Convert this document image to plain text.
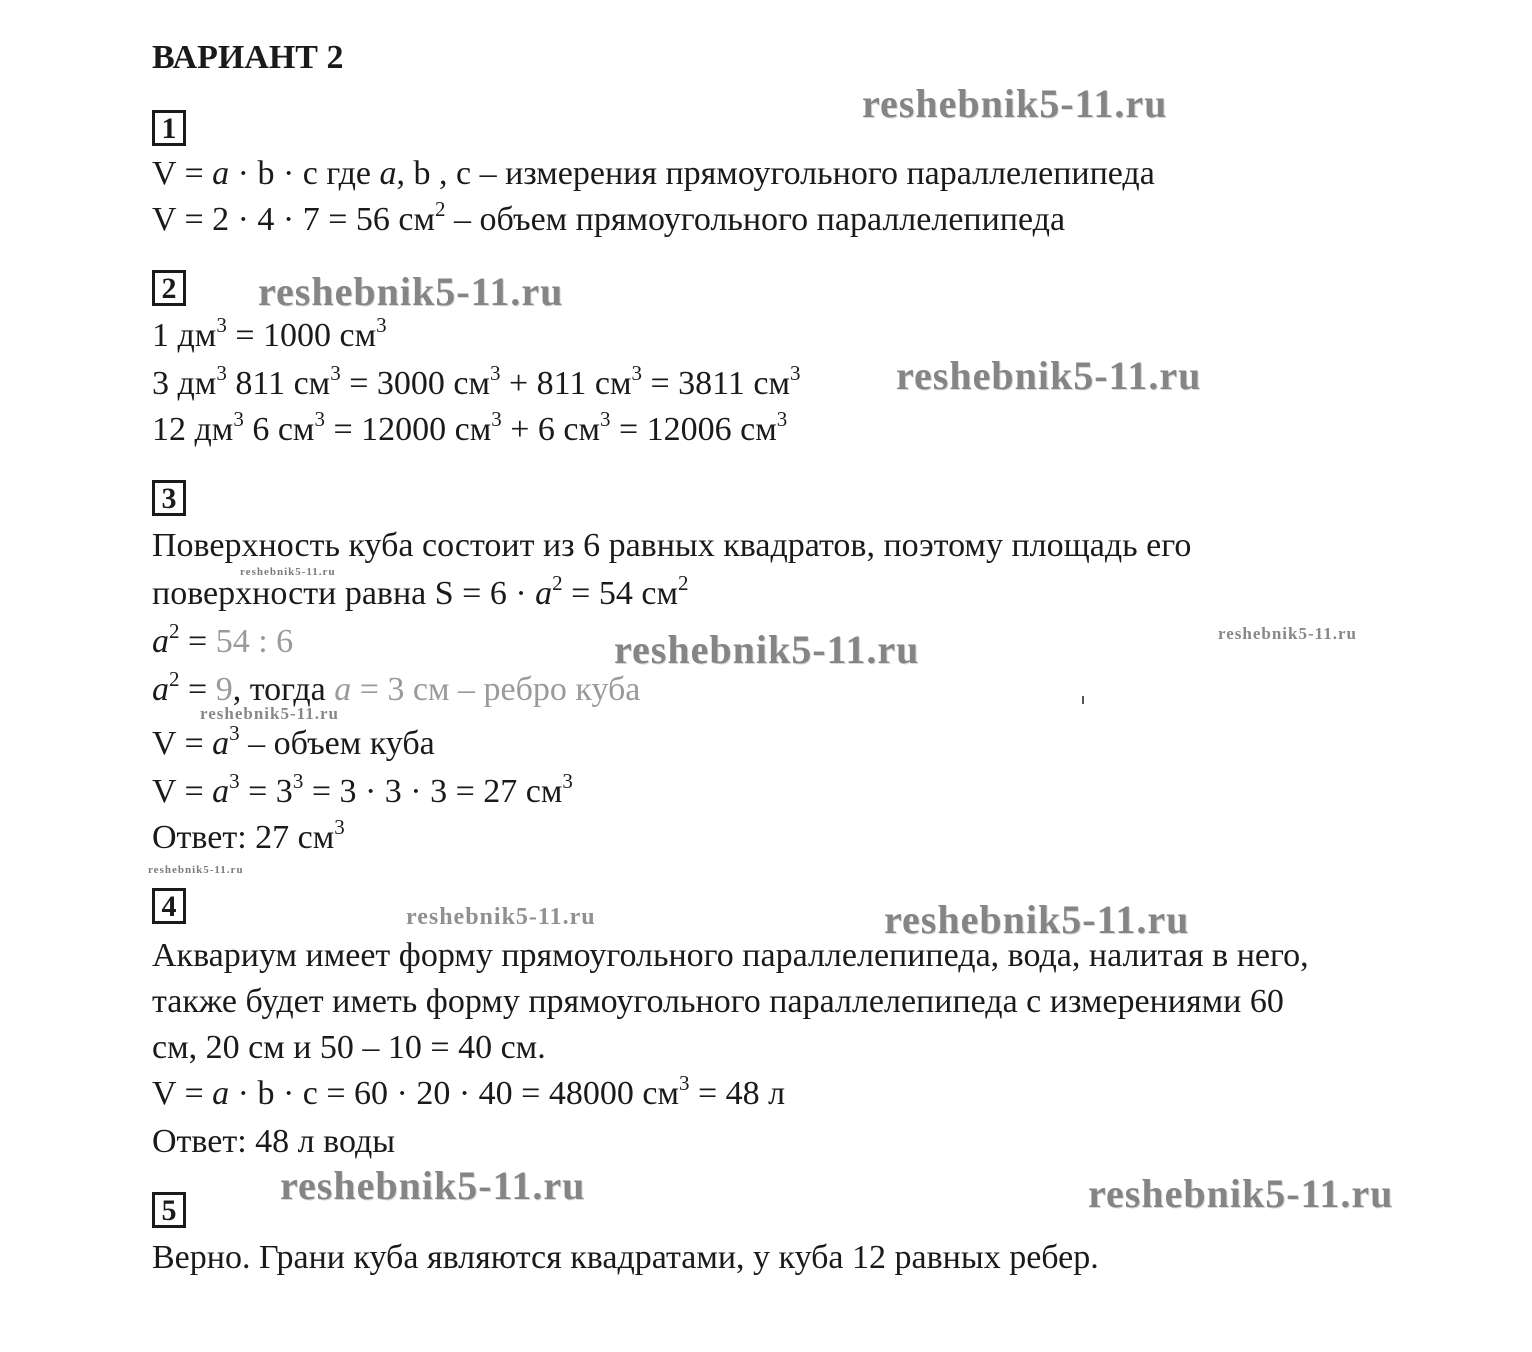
ВАРИАНТ 2
1
V = a · b · c где a, b , c – измерения прямоугольного параллелепипеда
V = 2 · 4 · 7 = 56 $см^2$ – объем прямоугольного параллелепипеда
2
1 $дм^3 = 1000$ $см^3$
3 $дм^3$ 811 $см^3 = 3000$ $см^3 + 811$ $см^3 = 3811$ $см^3$
12 $дм^3$ 6 $см^3 = 12000$ $см^3 + 6$ $см^3 = 12006$ $см^3$
3
Поверхность куба состоит из 6 равных квадратов, поэтому площадь его
поверхности равна $S = 6 \cdot a^2 = 54$ $см^2$
$a^2 = 54$ : 6
$a^2 = 9$, тогда a = 3 см – ребро куба
$V = a^3$ – объем куба
$V = a^3 = 3^3 = 3 \cdot 3 \cdot 3 = 27$ $см^3$
Ответ: 27 $см^3$
4
Аквариум имеет форму прямоугольного параллелепипеда, вода, налитая в него,
также будет иметь форму прямоугольного параллелепипеда с измерениями 60
см, 20 см и 50 – 10 = 40 см.
V = a · b · c = 60 · 20 · 40 = 48000 $см^3 = 48$ л
Ответ: 48 л воды
5
Верно. Грани куба являются квадратами, у куба 12 равных ребер.
reshebnik5-11.ru
reshebnik5-11.ru
reshebnik5-11.ru
reshebnik5-11.ru
reshebnik5-11.ru	reshebnik5-11.ru
reshebnik5-11.ru
reshebnik5-11.ru
reshebnik5-11.ru	reshebnik5-11.ru
reshebnik5-11.ru	reshebnik5-11.ru
